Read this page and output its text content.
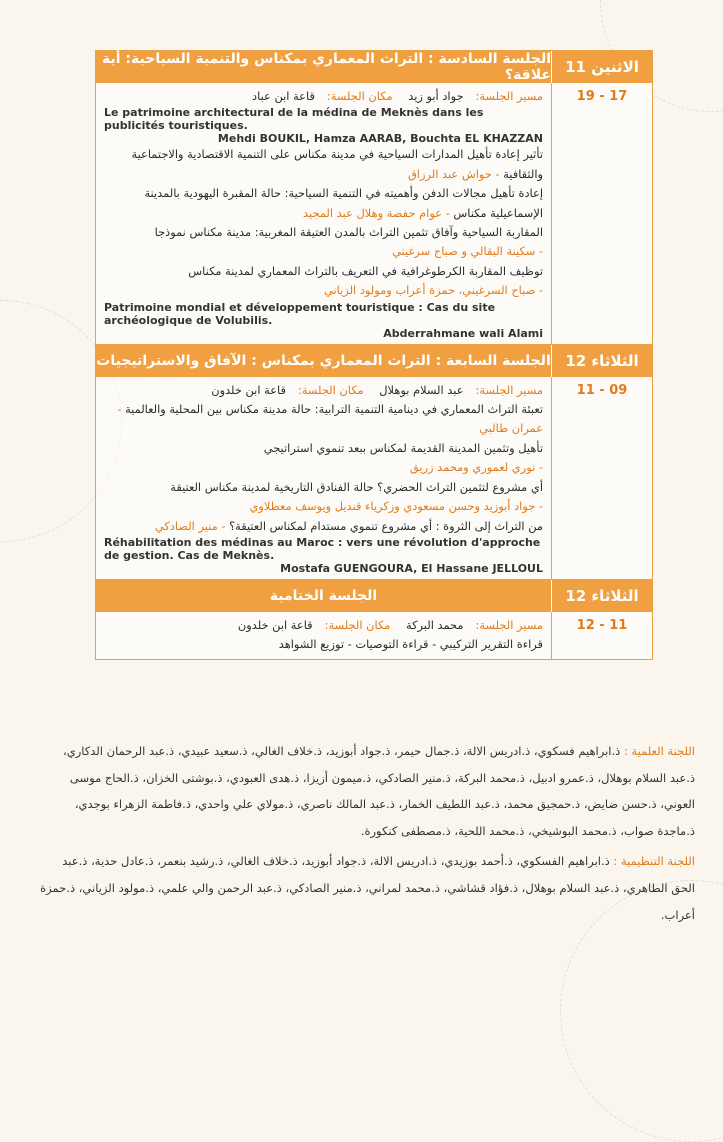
الاثنين 11
الجلسة السادسة : التراث المعماري بمكناس والتنمية السياحية: أية علاقة؟
19 - 17
مسير الجلسة:جواد أبو زيد مكان الجلسة:قاعة ابن عباد
Le patrimoine architectural de la médina de Meknès dans les publicités touristiques.
Mehdi BOUKIL, Hamza AARAB, Bouchta EL KHAZZAN
تأثير إعادة تأهيل المدارات السياحية في مدينة مكناس على التنمية الاقتصادية والاجتماعية والثقافية - حواش عبد الرزاق
إعادة تأهيل مجالات الدفن وأهميته في التنمية السياحية: حالة المقبرة اليهودية بالمدينة الإسماعيلية مكناس - عوام حفصة وهلال عبد المجيد
المقاربة السياحية وآفاق تثمين التراث بالمدن العتيقة المغربية: مدينة مكناس نموذجا
- سكينة البقالي و صباح سرغيني
توظيف المقاربة الكرطوغرافية في التعريف بالتراث المعماري لمدينة مكناس
- صباح السرغيني، حمزة أعراب ومولود الزياني
Patrimoine mondial et développement touristique : Cas du site archéologique de Volubilis.
Abderrahmane wali Alami
الثلاثاء 12
الجلسة السابعة : التراث المعماري بمكناس : الآفاق والاستراتيجيات
11 - 09
مسير الجلسة:عبد السلام بوهلال مكان الجلسة:قاعة ابن خلدون
تعبئة التراث المعماري في دينامية التنمية الترابية: حالة مدينة مكناس بين المحلية والعالمية - عمران طالبي
تأهيل وتثمين المدينة القديمة لمكناس ببعد تنموي استراتيجي
- نوري لعموري ومحمد زريق
أي مشروع لتثمين التراث الحضري؟ حالة الفنادق التاريخية لمدينة مكناس العتيقة
- جواد أبوزيد وحسن مسعودي وزكرياء قنديل ويوسف معطلاوي
من التراث إلى الثروة : أي مشروع تنموي مستدام لمكناس العتيقة؟ - منير الصادكي
Réhabilitation des médinas au Maroc : vers une révolution d'approche de gestion. Cas de Meknès.
Mostafa GUENGOURA, El Hassane JELLOUL
الثلاثاء 12
الجلسة الختامية
12 - 11
مسير الجلسة:محمد البركة مكان الجلسة:قاعة ابن خلدون
قراءة التقرير التركيبي - قراءة التوصيات - توزيع الشواهد
اللجنة العلمية : ذ.ابراهيم فسكوي، ذ.ادريس الالة، ذ.جمال حيمر، ذ.جواد أبوزيد، ذ.خلاف الغالي، ذ.سعيد عبيدي، ذ.عبد الرحمان الدكاري، ذ.عبد السلام بوهلال، ذ.عمرو ادبيل، ذ.محمد البركة، ذ.منير الصادكي، ذ.ميمون أزيزا، ذ.هدى العبودي، ذ.بوشتى الخزان، ذ.الحاج موسى العوني، ذ.حسن ضايض، ذ.حمجيق محمد، ذ.عبد اللطيف الخمار، ذ.عبد المالك ناصري، ذ.مولاي علي واحدي، ذ.فاطمة الزهراء بوجدي، ذ.ماجدة صواب، ذ.محمد البوشيخي، ذ.محمد اللحية، ذ.مصطفى كنكورة.
اللجنة التنظيمية : ذ.ابراهيم الفسكوي، ذ.أحمد بوزيدي، ذ.ادريس الالة، ذ.جواد أبوزيد، ذ.خلاف الغالي، ذ.رشيد بنعمر، ذ.عادل حدية، ذ.عبد الحق الطاهري، ذ.عبد السلام بوهلال، ذ.فؤاد قشاشي، ذ.محمد لمراني، ذ.منير الصادكي، ذ.عبد الرحمن والي علمي، ذ.مولود الزياني، ذ.حمزة أعراب.
